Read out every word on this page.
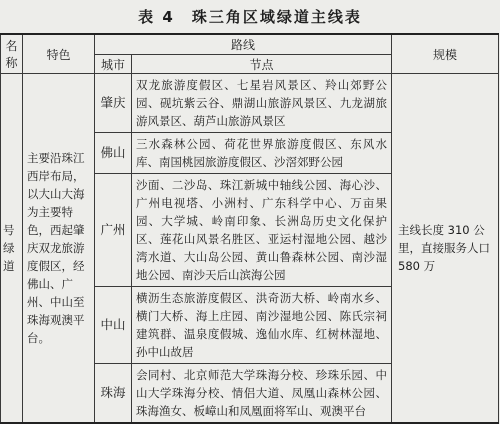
表 4　珠三角区域绿道主线表
名称	特色	路线		规模
		城市	节点	
号绿道	主要沿珠江西岸布局，以大山大海为主要特色，西起肇庆双龙旅游度假区，经佛山、广州、中山至珠海观澳平台。	肇庆	双龙旅游度假区、七星岩风景区、羚山郊野公园、砚坑紫云谷、鼎湖山旅游风景区、九龙湖旅游风景区、葫芦山旅游风景区	主线长度 310 公里，直接服务人口 580 万
		佛山	三水森林公园、荷花世界旅游度假区、东风水库、南国桃园旅游度假区、沙滘郊野公园	
		广州	沙面、二沙岛、珠江新城中轴线公园、海心沙、广州电视塔、小洲村、广东科学中心、万亩果园、大学城、岭南印象、长洲岛历史文化保护区、莲花山风景名胜区、亚运村湿地公园、越沙湾水道、大山岛公园、黄山鲁森林公园、南沙湿地公园、南沙天后山滨海公园	
		中山	横沥生态旅游度假区、洪奇沥大桥、岭南水乡、横门大桥、海上庄园、南沙湿地公园、陈氏宗祠建筑群、温泉度假城、逸仙水库、红树林湿地、孙中山故居	
		珠海	会同村、北京师范大学珠海分校、珍珠乐园、中山大学珠海分校、情侣大道、凤凰山森林公园、珠海渔女、板嶂山和凤凰面将军山、观澳平台	
